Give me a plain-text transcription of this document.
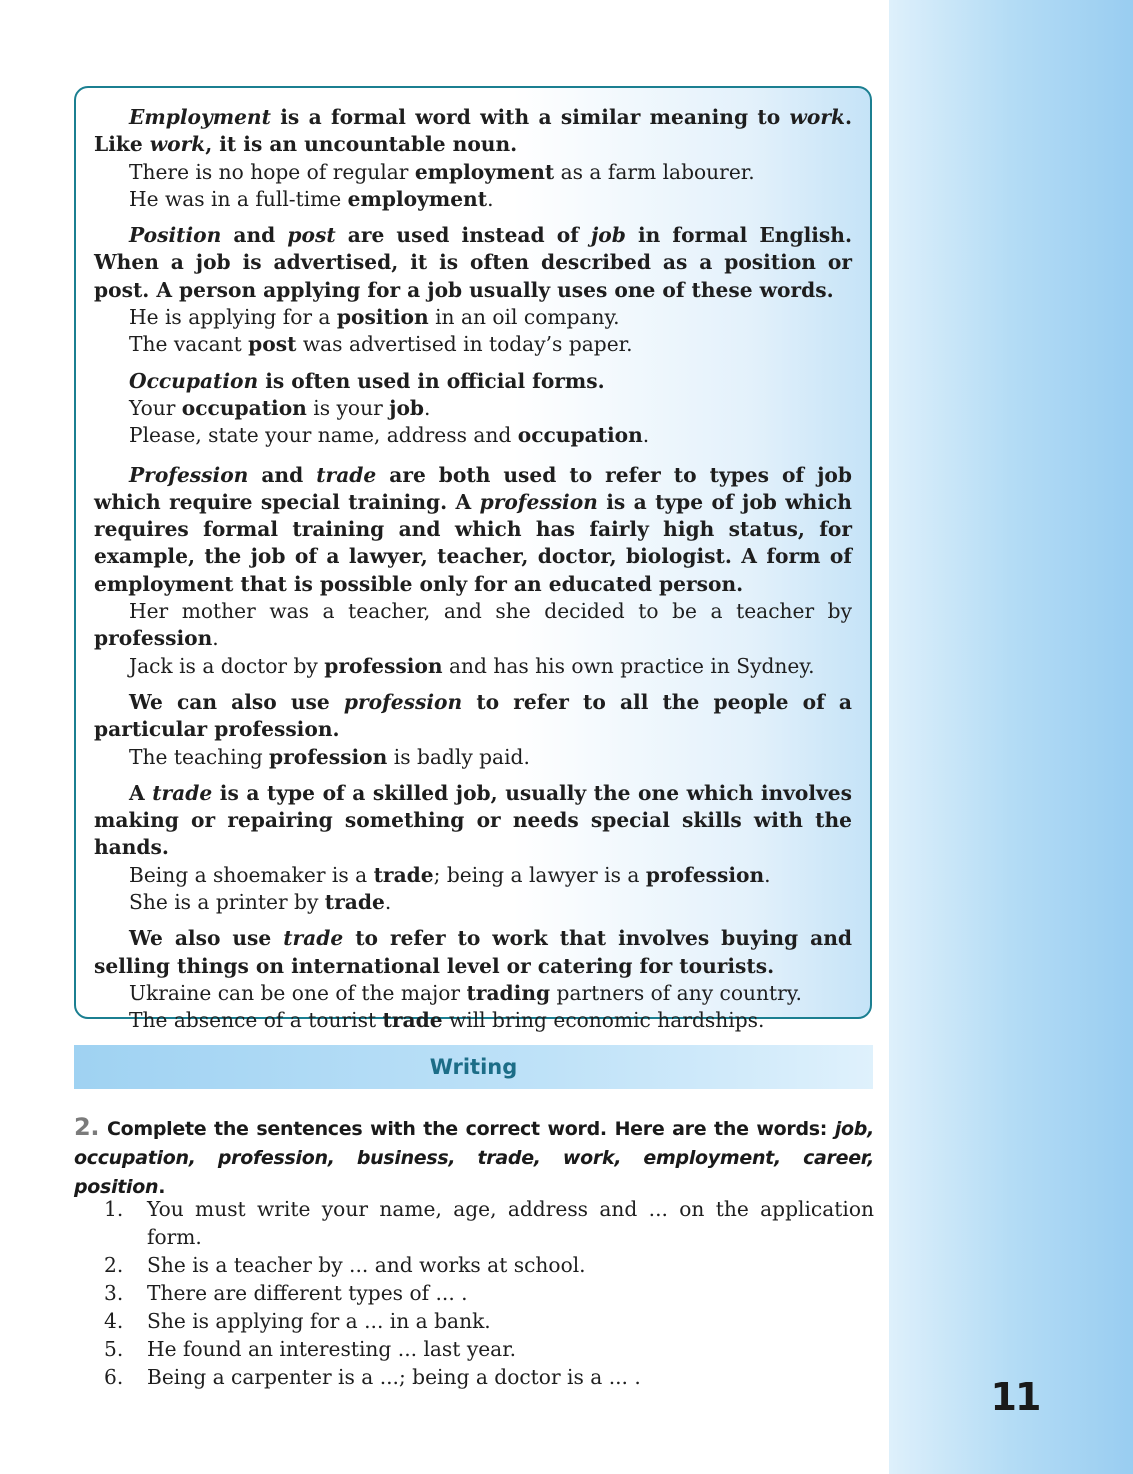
11

Employment is a formal word with a similar meaning to work. Like work, it is an uncountable noun.

There is no hope of regular employment as a farm labourer.

He was in a full-time employment.

Position and post are used instead of job in formal English. When a job is advertised, it is often described as a position or post. A person applying for a job usually uses one of these words.

He is applying for a position in an oil company.

The vacant post was advertised in today’s paper.

Occupation is often used in official forms.

Your occupation is your job.

Please, state your name, address and occupation.

Profession and trade are both used to refer to types of job which require special training. A profession is a type of job which requires formal training and which has fairly high status, for example, the job of a lawyer, teacher, doctor, biologist. A form of employment that is possible only for an educated person.

Her mother was a teacher, and she decided to be a teacher by profession.

Jack is a doctor by profession and has his own practice in Sydney.

We can also use profession to refer to all the people of a particular profession.

The teaching profession is badly paid.

A trade is a type of a skilled job, usually the one which involves making or repairing something or needs special skills with the hands.

Being a shoemaker is a trade; being a lawyer is a profession.

She is a printer by trade.

We also use trade to refer to work that involves buying and selling things on international level or catering for tourists.

Ukraine can be one of the major trading partners of any country.

The absence of a tourist trade will bring economic hardships.

Writing

2. Complete the sentences with the correct word. Here are the words: job, occupation, profession, business, trade, work, employment, career, position.

1.	You must write your name, age, address and ... on the application form.
2.	She is a teacher by ... and works at school.
3.	There are different types of ... .
4.	She is applying for a ... in a bank.
5.	He found an interesting ... last year.
6.	Being a carpenter is a ...; being a doctor is a ... .
